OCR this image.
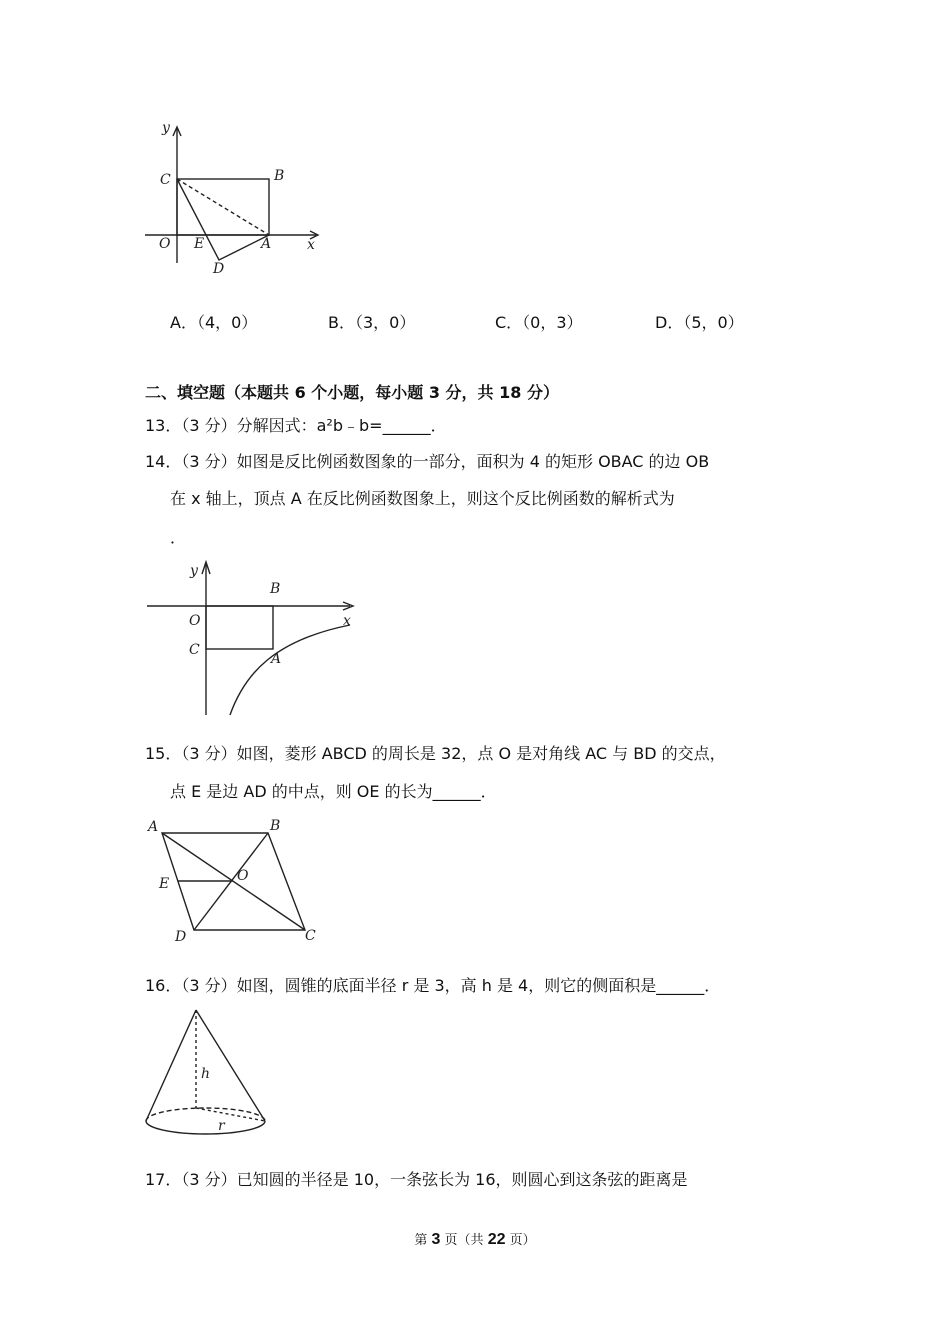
y
x
C	B
O E	A
D
A．（4，0）	B．（3，0）	C．（0，3）	D．（5，0）
二、填空题（本题共 6 个小题，每小题 3 分，共 18 分）
13．（3 分）分解因式：a²b﹣b=______．
14．（3 分）如图是反比例函数图象的一部分，面积为 4 的矩形 OBAC 的边 OB
在 x 轴上，顶点 A 在反比例函数图象上，则这个反比例函数的解析式为
．
y
x
B
O
C
A
15．（3 分）如图，菱形 ABCD 的周长是 32，点 O 是对角线 AC 与 BD 的交点，
点 E 是边 AD 的中点，则 OE 的长为______．
A	B
E	O
D	C
16．（3 分）如图，圆锥的底面半径 r 是 3，高 h 是 4，则它的侧面积是______．
h
r
17．（3 分）已知圆的半径是 10，一条弦长为 16，则圆心到这条弦的距离是
第 3 页（共 22 页）
